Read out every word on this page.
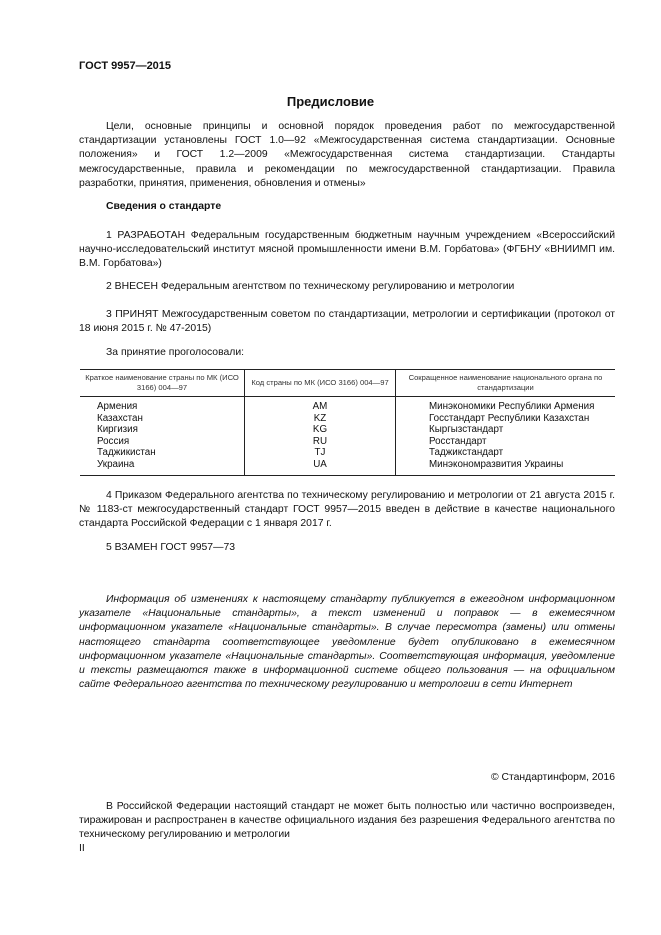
ГОСТ 9957—2015
Предисловие

Цели, основные принципы и основной порядок проведения работ по межгосударственной стандартизации установлены ГОСТ 1.0—92 «Межгосударственная система стандартизации. Основные положения» и ГОСТ 1.2—2009 «Межгосударственная система стандартизации. Стандарты межгосударственные, правила и рекомендации по межгосударственной стандартизации. Правила разработки, принятия, применения, обновления и отмены»

Сведения о стандарте

1 РАЗРАБОТАН Федеральным государственным бюджетным научным учреждением «Всероссийский научно-исследовательский институт мясной промышленности имени В.М. Горбатова» (ФГБНУ «ВНИИМП им. В.М. Горбатова»)

2 ВНЕСЕН Федеральным агентством по техническому регулированию и метрологии

3 ПРИНЯТ Межгосударственным советом по стандартизации, метрологии и сертификации (протокол от 18 июня 2015 г. № 47-2015)

За принятие проголосовали:

Краткое наименование страны по МК (ИСО 3166) 004—97	Код страны по МК (ИСО 3166) 004—97	Сокращенное наименование национального органа по стандартизации
Армения	AM	Минэкономики Республики Армения
Казахстан	KZ	Госстандарт Республики Казахстан
Киргизия	KG	Кыргызстандарт
Россия	RU	Росстандарт
Таджикистан	TJ	Таджикстандарт
Украина	UA	Минэкономразвития Украины

4 Приказом Федерального агентства по техническому регулированию и метрологии от 21 августа 2015 г. № 1183-ст межгосударственный стандарт ГОСТ 9957—2015 введен в действие в качестве национального стандарта Российской Федерации с 1 января 2017 г.

5 ВЗАМЕН ГОСТ 9957—73

Информация об изменениях к настоящему стандарту публикуется в ежегодном информационном указателе «Национальные стандарты», а текст изменений и поправок — в ежемесячном информационном указателе «Национальные стандарты». В случае пересмотра (замены) или отмены настоящего стандарта соответствующее уведомление будет опубликовано в ежемесячном информационном указателе «Национальные стандарты». Соответствующая информация, уведомление и тексты размещаются также в информационной системе общего пользования — на официальном сайте Федерального агентства по техническому регулированию и метрологии в сети Интернет

© Стандартинформ, 2016

В Российской Федерации настоящий стандарт не может быть полностью или частично воспроизведен, тиражирован и распространен в качестве официального издания без разрешения Федерального агентства по техническому регулированию и метрологии

II
